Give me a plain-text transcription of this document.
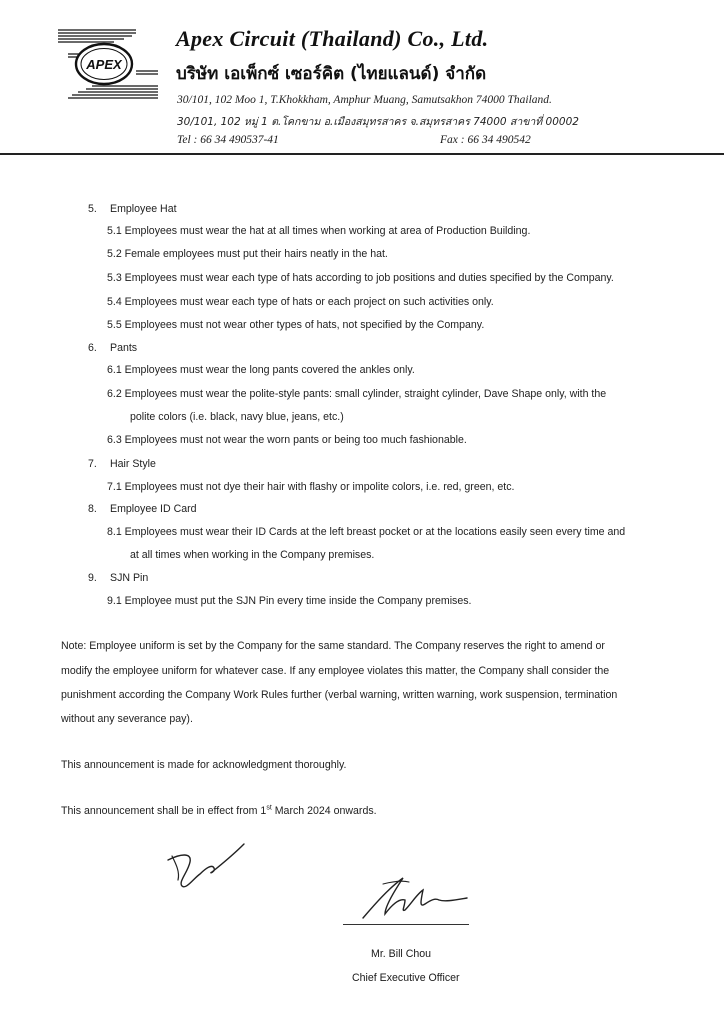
APEX
Apex Circuit (Thailand) Co., Ltd.
บริษัท เอเพ็กซ์ เซอร์คิต (ไทยแลนด์) จำกัด
30/101, 102 Moo 1, T.Khokkham, Amphur Muang, Samutsakhon 74000 Thailand.
30/101, 102 หมู่ 1 ต.โคกขาม อ.เมืองสมุทรสาคร จ.สมุทรสาคร 74000 สาขาที่ 00002
Tel : 66 34 490537-41	Fax : 66 34 490542
5. Employee Hat
5.1 Employees must wear the hat at all times when working at area of Production Building.
5.2 Female employees must put their hairs neatly in the hat.
5.3 Employees must wear each type of hats according to job positions and duties specified by the Company.
5.4 Employees must wear each type of hats or each project on such activities only.
5.5 Employees must not wear other types of hats, not specified by the Company.
6. Pants
6.1 Employees must wear the long pants covered the ankles only.
6.2 Employees must wear the polite-style pants: small cylinder, straight cylinder, Dave Shape only, with the
polite colors (i.e. black, navy blue, jeans, etc.)
6.3 Employees must not wear the worn pants or being too much fashionable.
7. Hair Style
7.1 Employees must not dye their hair with flashy or impolite colors, i.e. red, green, etc.
8. Employee ID Card
8.1 Employees must wear their ID Cards at the left breast pocket or at the locations easily seen every time and
at all times when working in the Company premises.
9. SJN Pin
9.1 Employee must put the SJN Pin every time inside the Company premises.
Note: Employee uniform is set by the Company for the same standard. The Company reserves the right to amend or
modify the employee uniform for whatever case. If any employee violates this matter, the Company shall consider the
punishment according the Company Work Rules further (verbal warning, written warning, work suspension, termination
without any severance pay).
This announcement is made for acknowledgment thoroughly.
This announcement shall be in effect from 1st March 2024 onwards.
Mr. Bill Chou
Chief Executive Officer
